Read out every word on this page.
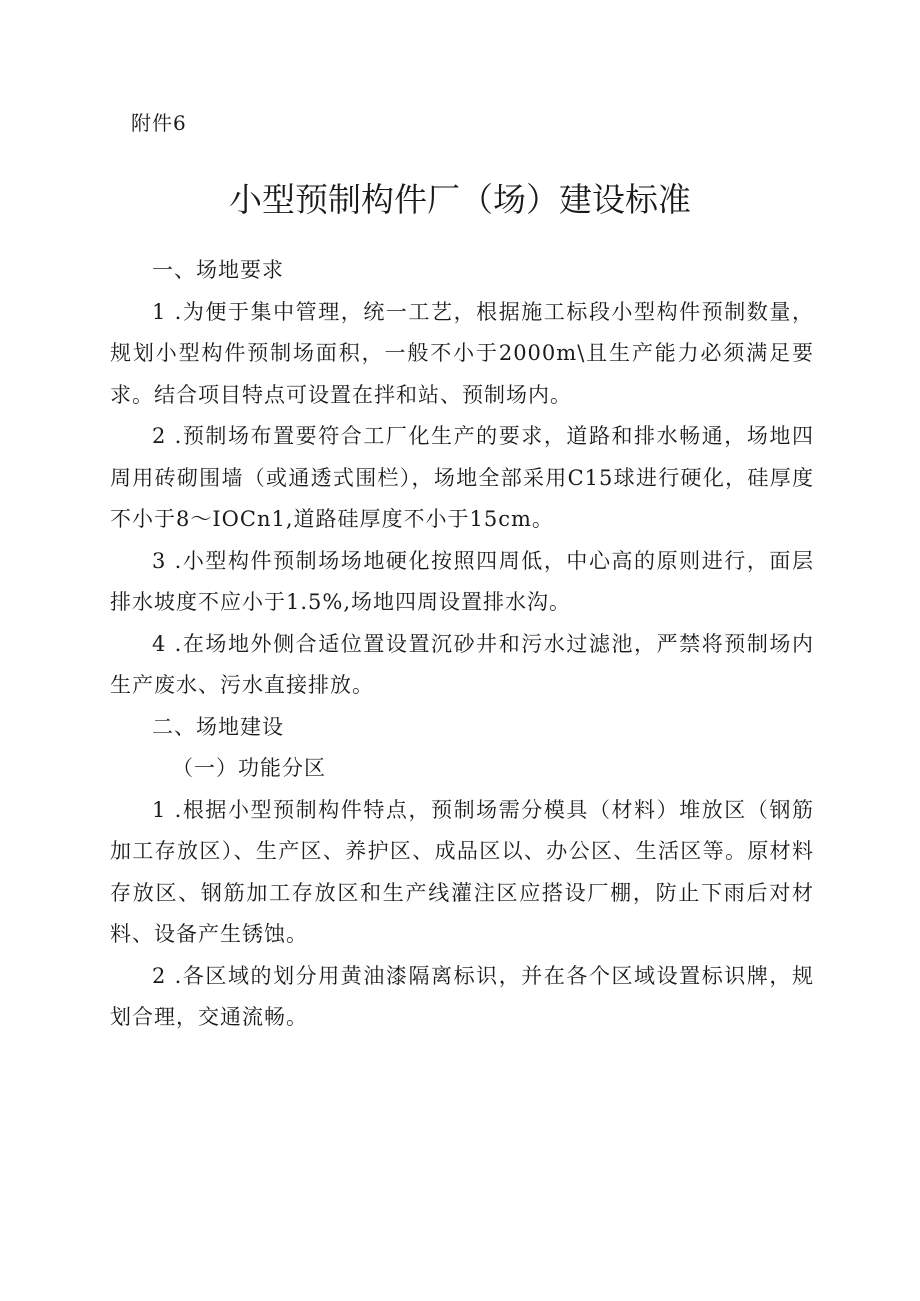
附件6
小型预制构件厂（场）建设标准

一、场地要求

1 .为便于集中管理，统一工艺，根据施工标段小型构件预制数量，规划小型构件预制场面积，一般不小于2000m\且生产能力必须满足要求。结合项目特点可设置在拌和站、预制场内。

2 .预制场布置要符合工厂化生产的要求，道路和排水畅通，场地四周用砖砌围墙（或通透式围栏），场地全部采用C15球进行硬化，硅厚度不小于8～IOCn1,道路硅厚度不小于15cm。

3 .小型构件预制场场地硬化按照四周低，中心高的原则进行，面层排水坡度不应小于1.5%,场地四周设置排水沟。

4 .在场地外侧合适位置设置沉砂井和污水过滤池，严禁将预制场内生产废水、污水直接排放。

二、场地建设

（一）功能分区

1 .根据小型预制构件特点，预制场需分模具（材料）堆放区（钢筋加工存放区）、生产区、养护区、成品区以、办公区、生活区等。原材料存放区、钢筋加工存放区和生产线灌注区应搭设厂棚，防止下雨后对材料、设备产生锈蚀。

2 .各区域的划分用黄油漆隔离标识，并在各个区域设置标识牌，规划合理，交通流畅。
